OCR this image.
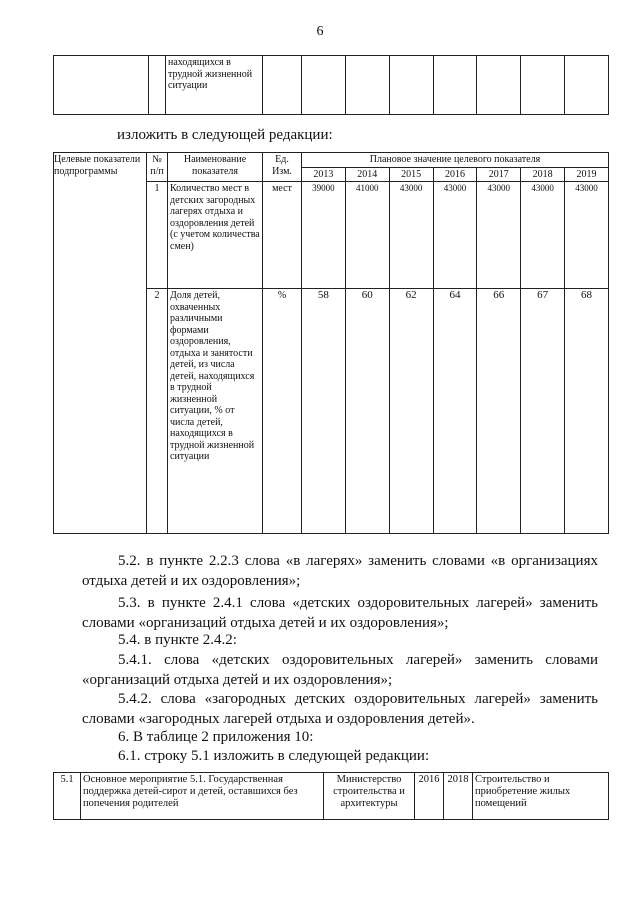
6
		находящихся в трудной жизненной ситуации								
изложить в следующей редакции:
Целевые показатели подпрограммы	№ п/п	Наименование показателя	Ед. Изм.	Плановое значение целевого показателя						
				2013	2014	2015	2016	2017	2018	2019
	1	Количество мест в детских загородных лагерях отдыха и оздоровления детей (с учетом количества смен)	мест	39000	41000	43000	43000	43000	43000	43000
	2	Доля детей, охваченных различными формами оздоровления, отдыха и занятости детей, из числа детей, находящихся в трудной жизненной ситуации, % от числа детей, находящихся в трудной жизненной ситуации	%	58	60	62	64	66	67	68
5.2. в пункте 2.2.3 слова «в лагерях» заменить словами «в организациях отдыха детей и их оздоровления»;
5.3. в пункте 2.4.1 слова «детских оздоровительных лагерей» заменить словами «организаций отдыха детей и их оздоровления»;
5.4. в пункте 2.4.2:
5.4.1. слова «детских оздоровительных лагерей» заменить словами «организаций отдыха детей и их оздоровления»;
5.4.2. слова «загородных детских оздоровительных лагерей» заменить словами «загородных лагерей отдыха и оздоровления детей».
6. В таблице 2 приложения 10:
6.1. строку 5.1 изложить в следующей редакции:
5.1	Основное мероприятие 5.1. Государственная поддержка детей-сирот и детей, оставшихся без попечения родителей	Министерство строительства и архитектуры	2016	2018	Строительство и приобретение жилых помещений
